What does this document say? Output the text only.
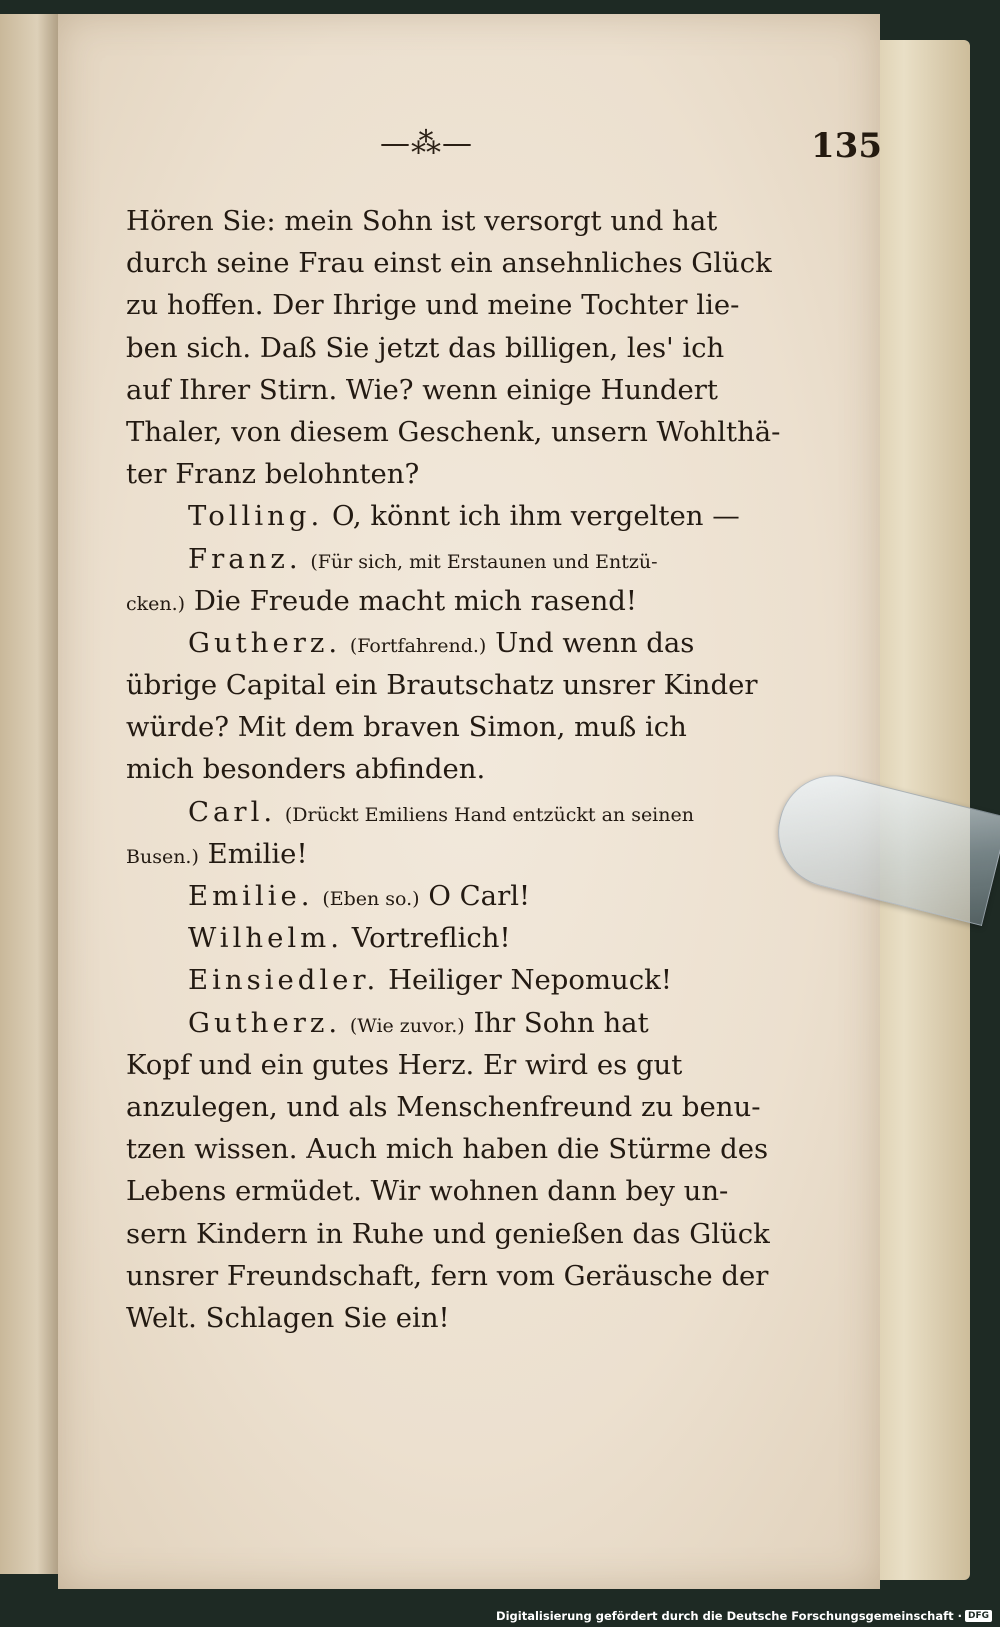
—⁂—	135
Hören Sie: mein Sohn ist versorgt und hat
durch seine Frau einst ein ansehnliches Glück
zu hoffen. Der Ihrige und meine Tochter lie-
ben sich. Daß Sie jetzt das billigen, les' ich
auf Ihrer Stirn. Wie? wenn einige Hundert
Thaler, von diesem Geschenk, unsern Wohlthä-
ter Franz belohnten?
Tolling. O, könnt ich ihm vergelten —
Franz. (Für sich, mit Erstaunen und Entzü-
cken.) Die Freude macht mich rasend!
Gutherz. (Fortfahrend.) Und wenn das
übrige Capital ein Brautschatz unsrer Kinder
würde? Mit dem braven Simon, muß ich
mich besonders abfinden.
Carl. (Drückt Emiliens Hand entzückt an seinen
Busen.) Emilie!
Emilie. (Eben so.) O Carl!
Wilhelm. Vortreflich!
Einsiedler. Heiliger Nepomuck!
Gutherz. (Wie zuvor.) Ihr Sohn hat
Kopf und ein gutes Herz. Er wird es gut
anzulegen, und als Menschenfreund zu benu-
tzen wissen. Auch mich haben die Stürme des
Lebens ermüdet. Wir wohnen dann bey un-
sern Kindern in Ruhe und genießen das Glück
unsrer Freundschaft, fern vom Geräusche der
Welt. Schlagen Sie ein!
Digitalisierung gefördert durch die Deutsche Forschungsgemeinschaft · DFG
